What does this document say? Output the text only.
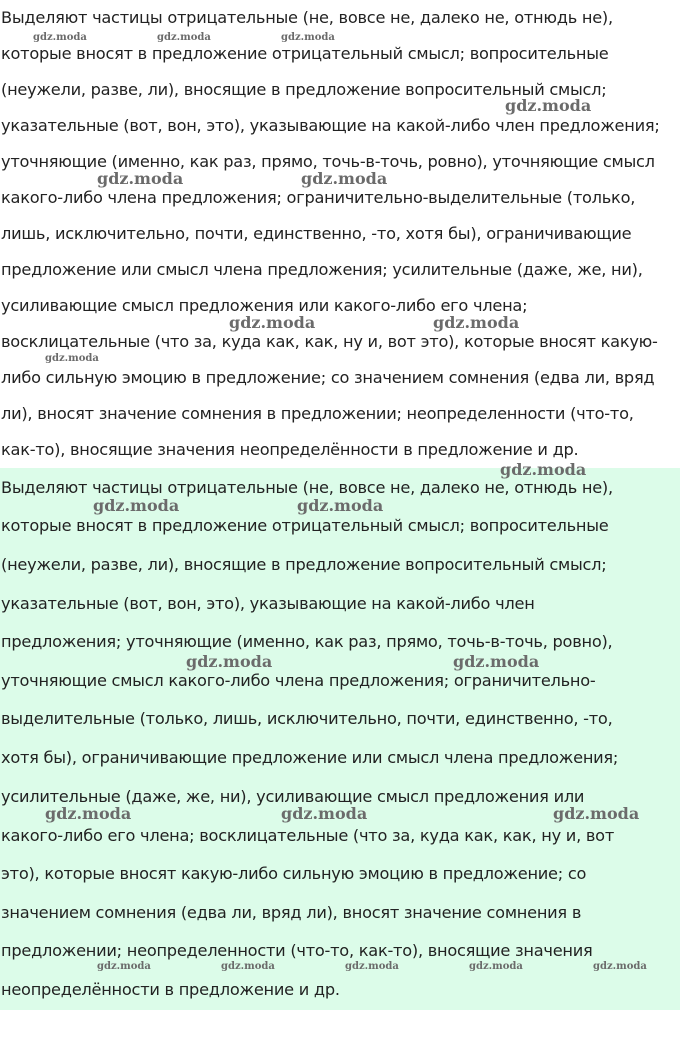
Выделяют частицы отрицательные (не, вовсе не, далеко не, отнюдь не),
которые вносят в предложение отрицательный смысл; вопросительные
(неужели, разве, ли), вносящие в предложение вопросительный смысл;
указательные (вот, вон, это), указывающие на какой-либо член предложения;
уточняющие (именно, как раз, прямо, точь-в-точь, ровно), уточняющие смысл
какого-либо члена предложения; ограничительно-выделительные (только,
лишь, исключительно, почти, единственно, -то, хотя бы), ограничивающие
предложение или смысл члена предложения; усилительные (даже, же, ни),
усиливающие смысл предложения или какого-либо его члена;
восклицательные (что за, куда как, как, ну и, вот это), которые вносят какую-
либо сильную эмоцию в предложение; со значением сомнения (едва ли, вряд
ли), вносят значение сомнения в предложении; неопределенности (что-то,
как-то), вносящие значения неопределённости в предложение и др.
Выделяют частицы отрицательные (не, вовсе не, далеко не, отнюдь не),
которые вносят в предложение отрицательный смысл; вопросительные
(неужели, разве, ли), вносящие в предложение вопросительный смысл;
указательные (вот, вон, это), указывающие на какой-либо член
предложения; уточняющие (именно, как раз, прямо, точь-в-точь, ровно),
уточняющие смысл какого-либо члена предложения; ограничительно-
выделительные (только, лишь, исключительно, почти, единственно, -то,
хотя бы), ограничивающие предложение или смысл члена предложения;
усилительные (даже, же, ни), усиливающие смысл предложения или
какого-либо его члена; восклицательные (что за, куда как, как, ну и, вот
это), которые вносят какую-либо сильную эмоцию в предложение; со
значением сомнения (едва ли, вряд ли), вносят значение сомнения в
предложении; неопределенности (что-то, как-то), вносящие значения
неопределённости в предложение и др.
gdz.moda	gdz.moda	gdz.moda
gdz.moda
gdz.moda	gdz.moda
gdz.moda	gdz.moda
gdz.moda
gdz.moda
gdz.moda	gdz.moda
gdz.moda	gdz.moda
gdz.moda	gdz.moda	gdz.moda
gdz.moda	gdz.moda	gdz.moda	gdz.moda	gdz.moda
